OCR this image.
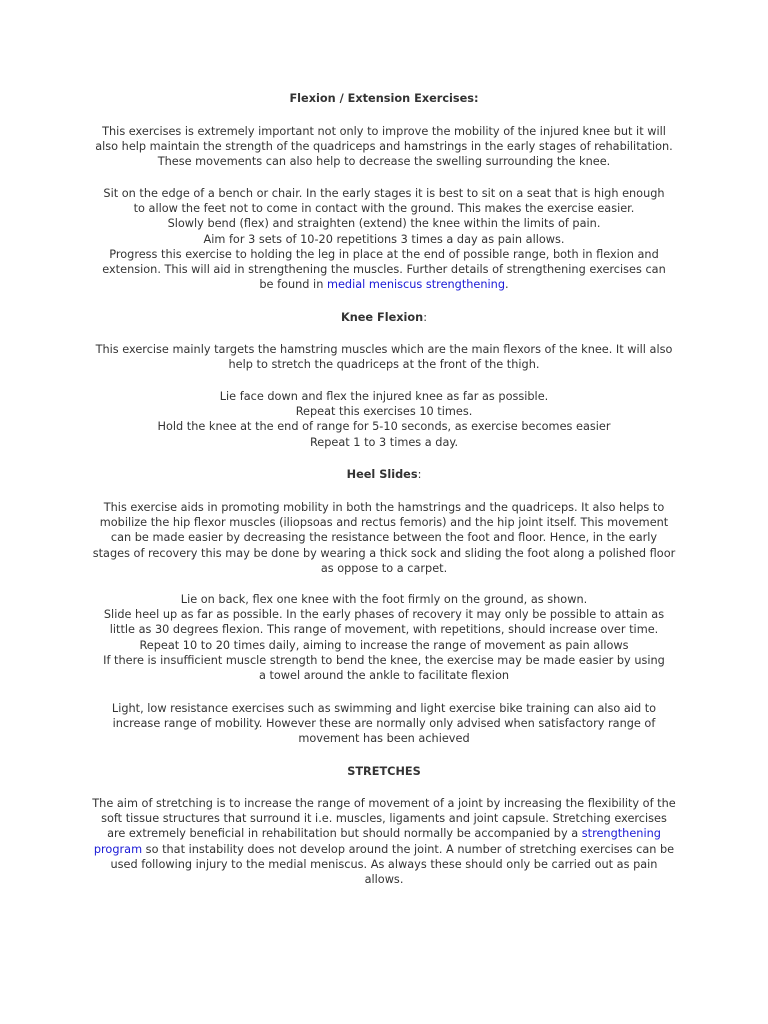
Flexion / Extension Exercises:

This exercises is extremely important not only to improve the mobility of the injured knee but it will

also help maintain the strength of the quadriceps and hamstrings in the early stages of rehabilitation.

These movements can also help to decrease the swelling surrounding the knee.

Sit on the edge of a bench or chair. In the early stages it is best to sit on a seat that is high enough

to allow the feet not to come in contact with the ground. This makes the exercise easier.

Slowly bend (flex) and straighten (extend) the knee within the limits of pain.

Aim for 3 sets of 10-20 repetitions 3 times a day as pain allows.

Progress this exercise to holding the leg in place at the end of possible range, both in flexion and

extension. This will aid in strengthening the muscles. Further details of strengthening exercises can

be found in medial meniscus strengthening.

Knee Flexion:

This exercise mainly targets the hamstring muscles which are the main flexors of the knee. It will also

help to stretch the quadriceps at the front of the thigh.

Lie face down and flex the injured knee as far as possible.

Repeat this exercises 10 times.

Hold the knee at the end of range for 5-10 seconds, as exercise becomes easier

Repeat 1 to 3 times a day.

Heel Slides:

This exercise aids in promoting mobility in both the hamstrings and the quadriceps. It also helps to

mobilize the hip flexor muscles (iliopsoas and rectus femoris) and the hip joint itself. This movement

can be made easier by decreasing the resistance between the foot and floor. Hence, in the early

stages of recovery this may be done by wearing a thick sock and sliding the foot along a polished floor

as oppose to a carpet.

Lie on back, flex one knee with the foot firmly on the ground, as shown.

Slide heel up as far as possible. In the early phases of recovery it may only be possible to attain as

little as 30 degrees flexion. This range of movement, with repetitions, should increase over time.

Repeat 10 to 20 times daily, aiming to increase the range of movement as pain allows

If there is insufficient muscle strength to bend the knee, the exercise may be made easier by using

a towel around the ankle to facilitate flexion

Light, low resistance exercises such as swimming and light exercise bike training can also aid to

increase range of mobility. However these are normally only advised when satisfactory range of

movement has been achieved

STRETCHES

The aim of stretching is to increase the range of movement of a joint by increasing the flexibility of the

soft tissue structures that surround it i.e. muscles, ligaments and joint capsule. Stretching exercises

are extremely beneficial in rehabilitation but should normally be accompanied by a strengthening

program so that instability does not develop around the joint. A number of stretching exercises can be

used following injury to the medial meniscus. As always these should only be carried out as pain

allows.
